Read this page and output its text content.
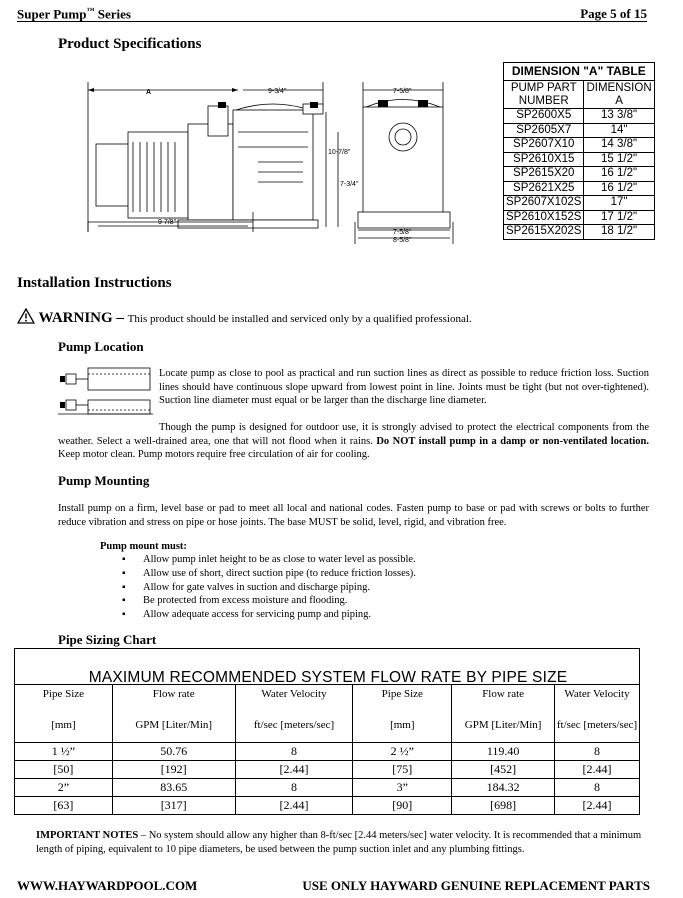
Super Pump™ Series	Page 5 of 15
Product Specifications
A	9-3/4"
10-7/8"
7-3/4"
9 7/8"
7-5/8"
7-5/8"
8-5/8"
DIMENSION "A" TABLE	
PUMP PART NUMBER	DIMENSION A
SP2600X5	13 3/8"
SP2605X7	14"
SP2607X10	14 3/8"
SP2610X15	15 1/2"
SP2615X20	16 1/2"
SP2621X25	16 1/2"
SP2607X102S	17"
SP2610X152S	17 1/2"
SP2615X202S	18 1/2"
Installation Instructions
WARNING – This product should be installed and serviced only by a qualified professional.
Pump Location
Locate pump as close to pool as practical and run suction lines as direct as possible to reduce friction loss. Suction lines should have continuous slope upward from lowest point in line. Joints must be tight (but not over-tightened). Suction line diameter must equal or be larger than the discharge line diameter.
Though the pump is designed for outdoor use, it is strongly advised to protect the electrical components from the weather. Select a well-drained area, one that will not flood when it rains. Do NOT install pump in a damp or non-ventilated location. Keep motor clean. Pump motors require free circulation of air for cooling.
Pump Mounting
Install pump on a firm, level base or pad to meet all local and national codes. Fasten pump to base or pad with screws or bolts to further reduce vibration and stress on pipe or hose joints. The base MUST be solid, level, rigid, and vibration free.
Pump mount must:
▪ Allow pump inlet height to be as close to water level as possible.
▪ Allow use of short, direct suction pipe (to reduce friction losses).
▪ Allow for gate valves in suction and discharge piping.
▪ Be protected from excess moisture and flooding.
▪ Allow adequate access for servicing pump and piping.
Pipe Sizing Chart
MAXIMUM RECOMMENDED SYSTEM FLOW RATE BY PIPE SIZE
Pipe Size	Flow rate	Water Velocity	Pipe Size	Flow rate	Water Velocity
[mm]	GPM [Liter/Min]	ft/sec [meters/sec]	[mm]	GPM [Liter/Min]	ft/sec [meters/sec]
1 ½”	50.76	8	2 ½”	119.40	8
[50]	[192]	[2.44]	[75]	[452]	[2.44]
2”	83.65	8	3”	184.32	8
[63]	[317]	[2.44]	[90]	[698]	[2.44]
IMPORTANT NOTES – No system should allow any higher than 8-ft/sec [2.44 meters/sec] water velocity. It is recommended that a minimum length of piping, equivalent to 10 pipe diameters, be used between the pump suction inlet and any plumbing fittings.
WWW.HAYWARDPOOL.COM	USE ONLY HAYWARD GENUINE REPLACEMENT PARTS
